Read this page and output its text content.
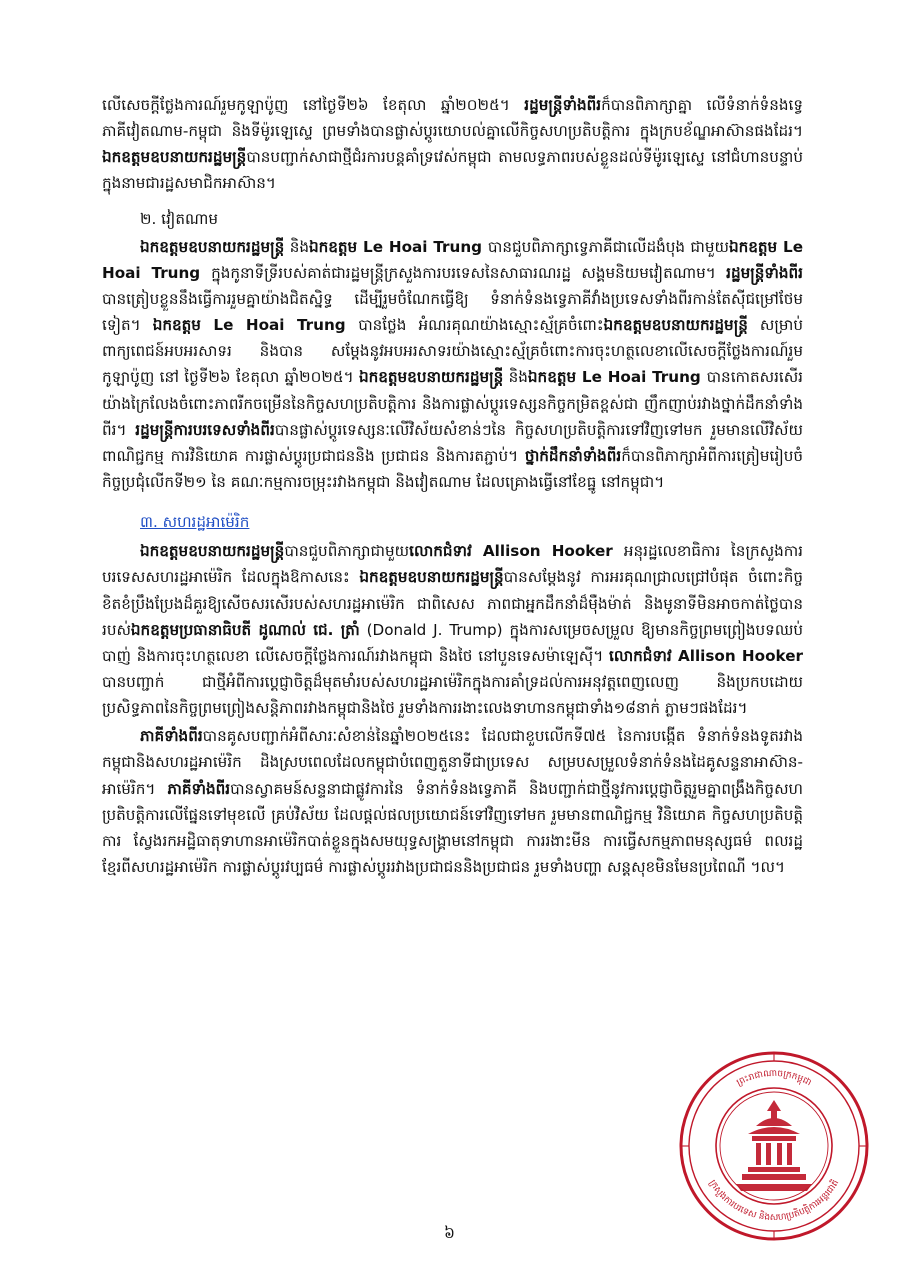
លើសេចក្តីថ្លែងការណ៍រួមកូឡាប៉ូញ នៅថ្ងៃទី២៦ ខែតុលា ឆ្នាំ២០២៥។ រដ្ឋមន្ត្រីទាំងពីរក៏បានពិភាក្សាគ្នា លើទំនាក់ទំនងទ្វេភាគីវៀតណាម-កម្ពុជា និងទីម៉ូរឡេស្ទេ ព្រមទាំងបានផ្លាស់ប្ដូរយោបល់គ្នាលើកិច្ចសហប្រតិបត្តិការ ក្នុងក្របខ័ណ្ឌអាស៊ានផងដែរ។ ឯកឧត្ដមឧបនាយករដ្ឋមន្ត្រីបានបញ្ជាក់សាជាថ្មីជំរការបន្តគាំទ្រវេស់កម្ពុជា តាមលទ្ធភាពរបស់ខ្លួនដល់ទីម៉ូរឡេស្ទេ នៅជំហានបន្ទាប់ក្នុងនាមជារដ្ឋសមាជិកអាស៊ាន។

២. វៀតណាម

ឯកឧត្ដមឧបនាយករដ្ឋមន្ត្រី និងឯកឧត្ដម Le Hoai Trung បានជួបពិភាក្សាទ្វេភាគីជាលើដងំបុង ជាមួយឯកឧត្ដម Le Hoai Trung ក្នុងកូនាទីទ្រីរបស់គាត់ជារដ្ឋមន្ត្រីក្រសួងការបរទេសនៃសាធារណរដ្ឋ សង្គមនិយមវៀតណាម។ រដ្ឋមន្ត្រីទាំងពីរបានត្រៀបខ្លួននឹងធ្វើការរួមគ្នាយ៉ាងជិតស្និទ្ធ ដើម្បីរួមចំណែកធ្វើឱ្យ ទំនាក់ទំនងទ្វេភាគីវាំងប្រទេសទាំងពីរកាន់តែស៊ីជម្រៅថែមទៀត។ ឯកឧត្ដម Le Hoai Trung បានថ្លែង អំណរគុណយ៉ាងស្មោះស្ម័គ្រចំពោះឯកឧត្ដមឧបនាយករដ្ឋមន្ត្រី សម្រាប់ពាក្យពេជន៍អបអរសាទរ និងបាន សម្ដែងនូវអបអរសាទរយ៉ាងស្មោះស្ម័គ្រចំពោះការចុះហត្ថលេខាលើសេចក្តីថ្លែងការណ៍រួមកូឡាប៉ូញ នៅ ថ្ងៃទី២៦ ខែតុលា ឆ្នាំ២០២៥។ ឯកឧត្ដមឧបនាយករដ្ឋមន្ត្រី និងឯកឧត្ដម Le Hoai Trung បានកោតសរសើរ យ៉ាងក្រៃលែងចំពោះភាពរីកចម្រើននៃកិច្ចសហប្រតិបត្តិការ និងការផ្លាស់ប្ដូរទេស្សនកិច្ចកម្រិតខ្ពស់ជា ញឹកញាប់រវាងថ្នាក់ដឹកនាំទាំងពីរ។ រដ្ឋមន្ត្រីការបរទេសទាំងពីរបានផ្លាស់ប្ដូរទេស្សនៈលើវិស័យសំខាន់ៗនៃ កិច្ចសហប្រតិបត្តិការទៅវិញទៅមក រួមមានលើវិស័យពាណិជ្ជកម្ម ការវិនិយោគ ការផ្លាស់ប្ដូរប្រជាជននិង ប្រជាជន និងការតភ្ជាប់។ ថ្នាក់ដឹកនាំទាំងពីរក៏បានពិភាក្សាអំពីការត្រៀមរៀបចំកិច្ចប្រជុំលើកទី២១ នៃ គណៈកម្មការចម្រុះរវាងកម្ពុជា និងវៀតណាម ដែលគ្រោងធ្វើនៅខែធ្នូ នៅកម្ពុជា។

៣. សហរដ្ឋអាម៉េរិក

ឯកឧត្ដមឧបនាយករដ្ឋមន្ត្រីបានជួបពិភាក្សាជាមួយលោកជំទាវ Allison Hooker អនុរដ្ឋលេខាធិការ នៃក្រសួងការបរទេសសហរដ្ឋអាម៉េរិក ដែលក្នុងឱកាសនេះ ឯកឧត្ដមឧបនាយករដ្ឋមន្ត្រីបានសម្ដែងនូវ ការអរគុណជ្រាលជ្រៅបំផុត ចំពោះកិច្ចខិតខំប្រឹងប្រែងដ៏គួរឱ្យសើចសរសើរបស់សហរដ្ឋអាម៉េរិក ជាពិសេស ភាពជាអ្នកដឹកនាំដ៏មុឺងម៉ាត់ និងមូនាទីមិនអាចកាត់ថ្លៃបានរបស់ឯកឧត្ដមប្រធានាធិបតី ដូណាល់ ជេ. ត្រាំ (Donald J. Trump) ក្នុងការសម្រេចសម្រួល ឱ្យមានកិច្ចព្រមព្រៀងបទឈប់បាញ់ និងការចុះហត្ថលេខា លើសេចក្តីថ្លែងការណ៍រវាងកម្ពុជា និងថៃ នៅបួនទេសម៉ាឡេស៊ី។ លោកជំទាវ Allison Hooker បានបញ្ជាក់ ជាថ្មីអំពីការប្តេជ្ញាចិត្តដ៏មុតមាំរបស់សហរដ្ឋអាម៉េរិកក្នុងការគាំទ្រដល់ការអនុវត្តពេញលេញ និងប្រកបដោយ ប្រសិទ្ធភាពនៃកិច្ចព្រមព្រៀងសន្តិភាពរវាងកម្ពុជានិងថៃ រួមទាំងការរងាះលេងទាហានកម្ពុជាទាំង១៨នាក់ ភ្លាមៗផងដែរ។

ភាគីទាំងពីរបានគូសបញ្ជាក់អំពីសារៈសំខាន់នៃឆ្នាំ២០២៥នេះ ដែលជាខួបលើកទី៧៥ នៃការបង្កើត ទំនាក់ទំនងទូតរវាងកម្ពុជានិងសហរដ្ឋអាម៉េរិក ដិងស្របពេលដែលកម្ពុជាបំពេញតួនាទីជាប្រទេស សម្របសម្រួលទំនាក់ទំនងដៃគូសន្ទនាអាស៊ាន-អាម៉េរិក។ ភាគីទាំងពីរបានស្វាគមន៍សន្ទនាជាផ្លូវការនៃ ទំនាក់ទំនងទ្វេភាគី និងបញ្ជាក់ជាថ្មីនូវការប្តេជ្ញាចិត្តរួមគ្នាពង្រឹងកិច្ចសហប្រតិបត្តិការលើផ្នែនទៅមុខលើ គ្រប់វិស័យ ដែលផ្តល់ផលប្រយោជន៍ទៅវិញទៅមក រួមមានពាណិជ្ជកម្ម វិនិយោគ កិច្ចសហប្រតិបត្តិការ ស្វែងរកអដ្ឋិធាតុទាហានអាម៉េរិកបាត់ខ្លួនក្នុងសមយុទ្ធសង្គ្រាមនៅកម្ពុជា ការរងាះមីន ការធ្វើសកម្មភាពមនុស្សធម៌ ពលរដ្ឋខ្មែរពីសហរដ្ឋអាម៉េរិក ការផ្លាស់ប្ដូរវប្បធម៌ ការផ្លាស់ប្ដូររវាងប្រជាជននិងប្រជាជន រួមទាំងបញ្ហា សន្តសុខមិនមែនប្រពៃណី ។ល។

ព្រះរាជាណាចក្រកម្ពុជា
ក្រសួងការបរទេស និងសហប្រតិបត្តិការអន្តរជាតិ
៦
